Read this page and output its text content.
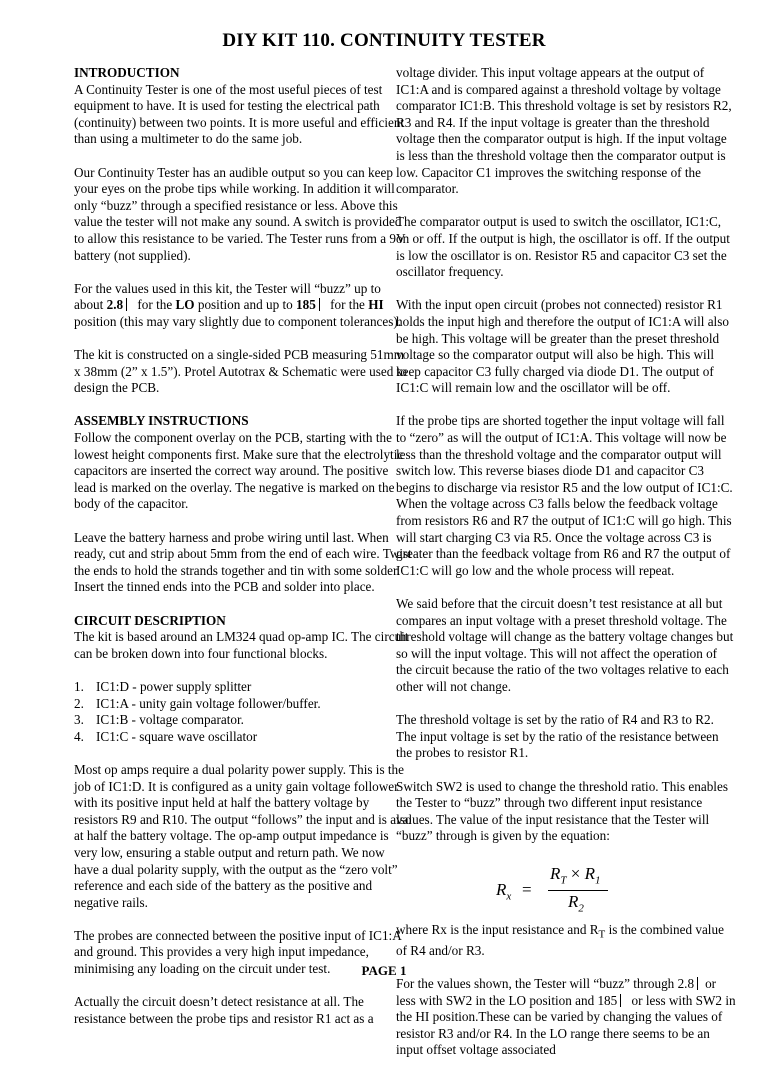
DIY KIT 110. CONTINUITY TESTER
INTRODUCTION

A Continuity Tester is one of the most useful pieces of test equipment to have. It is used for testing the electrical path (continuity) between two points. It is more useful and efficient than using a multimeter to do the same job.

Our Continuity Tester has an audible output so you can keep your eyes on the probe tips while working. In addition it will only “buzz” through a specified resistance or less. Above this value the tester will not make any sound. A switch is provided to allow this resistance to be varied. The Tester runs from a 9V battery (not supplied).

For the values used in this kit, the Tester will “buzz” up to about 2.8 for the LO position and up to 185 for the HI position (this may vary slightly due to component tolerances).

The kit is constructed on a single-sided PCB measuring 51mm x 38mm (2” x 1.5”). Protel Autotrax & Schematic were used to design the PCB.

ASSEMBLY INSTRUCTIONS

Follow the component overlay on the PCB, starting with the lowest height components first. Make sure that the electrolytic capacitors are inserted the correct way around. The positive lead is marked on the overlay. The negative is marked on the body of the capacitor.

Leave the battery harness and probe wiring until last. When ready, cut and strip about 5mm from the end of each wire. Twist the ends to hold the strands together and tin with some solder. Insert the tinned ends into the PCB and solder into place.

CIRCUIT DESCRIPTION

The kit is based around an LM324 quad op-amp IC. The circuit can be broken down into four functional blocks.

1. IC1:D - power supply splitter
2. IC1:A - unity gain voltage follower/buffer.
3. IC1:B - voltage comparator.
4. IC1:C - square wave oscillator

Most op amps require a dual polarity power supply. This is the job of IC1:D. It is configured as a unity gain voltage follower with its positive input held at half the battery voltage by resistors R9 and R10. The output “follows” the input and is also at half the battery voltage. The op-amp output impedance is very low, ensuring a stable output and return path. We now have a dual polarity supply, with the output as the “zero volt” reference and each side of the battery as the positive and negative rails.

The probes are connected between the positive input of IC1:A and ground. This provides a very high input impedance, minimising any loading on the circuit under test.

Actually the circuit doesn’t detect resistance at all. The resistance between the probe tips and resistor R1 act as a

voltage divider. This input voltage appears at the output of IC1:A and is compared against a threshold voltage by voltage comparator IC1:B. This threshold voltage is set by resistors R2, R3 and R4. If the input voltage is greater than the threshold voltage then the comparator output is high. If the input voltage is less than the threshold voltage then the comparator output is low. Capacitor C1 improves the switching response of the comparator.

The comparator output is used to switch the oscillator, IC1:C, on or off. If the output is high, the oscillator is off. If the output is low the oscillator is on. Resistor R5 and capacitor C3 set the oscillator frequency.

With the input open circuit (probes not connected) resistor R1 holds the input high and therefore the output of IC1:A will also be high. This voltage will be greater than the preset threshold voltage so the comparator output will also be high. This will keep capacitor C3 fully charged via diode D1. The output of IC1:C will remain low and the oscillator will be off.

If the probe tips are shorted together the input voltage will fall to “zero” as will the output of IC1:A. This voltage will now be less than the threshold voltage and the comparator output will switch low. This reverse biases diode D1 and capacitor C3 begins to discharge via resistor R5 and the low output of IC1:C. When the voltage across C3 falls below the feedback voltage from resistors R6 and R7 the output of IC1:C will go high. This will start charging C3 via R5. Once the voltage across C3 is greater than the feedback voltage from R6 and R7 the output of IC1:C will go low and the whole process will repeat.

We said before that the circuit doesn’t test resistance at all but compares an input voltage with a preset threshold voltage. The threshold voltage will change as the battery voltage changes but so will the input voltage. This will not affect the operation of the circuit because the ratio of the two voltages relative to each other will not change.

The threshold voltage is set by the ratio of R4 and R3 to R2. The input voltage is set by the ratio of the resistance between the probes to resistor R1.

Switch SW2 is used to change the threshold ratio. This enables the Tester to “buzz” through two different input resistance values. The value of the input resistance that the Tester will “buzz” through is given by the equation:

$R_x$ =
$R_T \times R_1$
$R_2$

where Rx is the input resistance and $R_T$ is the combined value of R4 and/or R3.

For the values shown, the Tester will “buzz” through 2.8 or less with SW2 in the LO position and 185 or less with SW2 in the HI position.These can be varied by changing the values of resistor R3 and/or R4. In the LO range there seems to be an input offset voltage associated

PAGE 1
